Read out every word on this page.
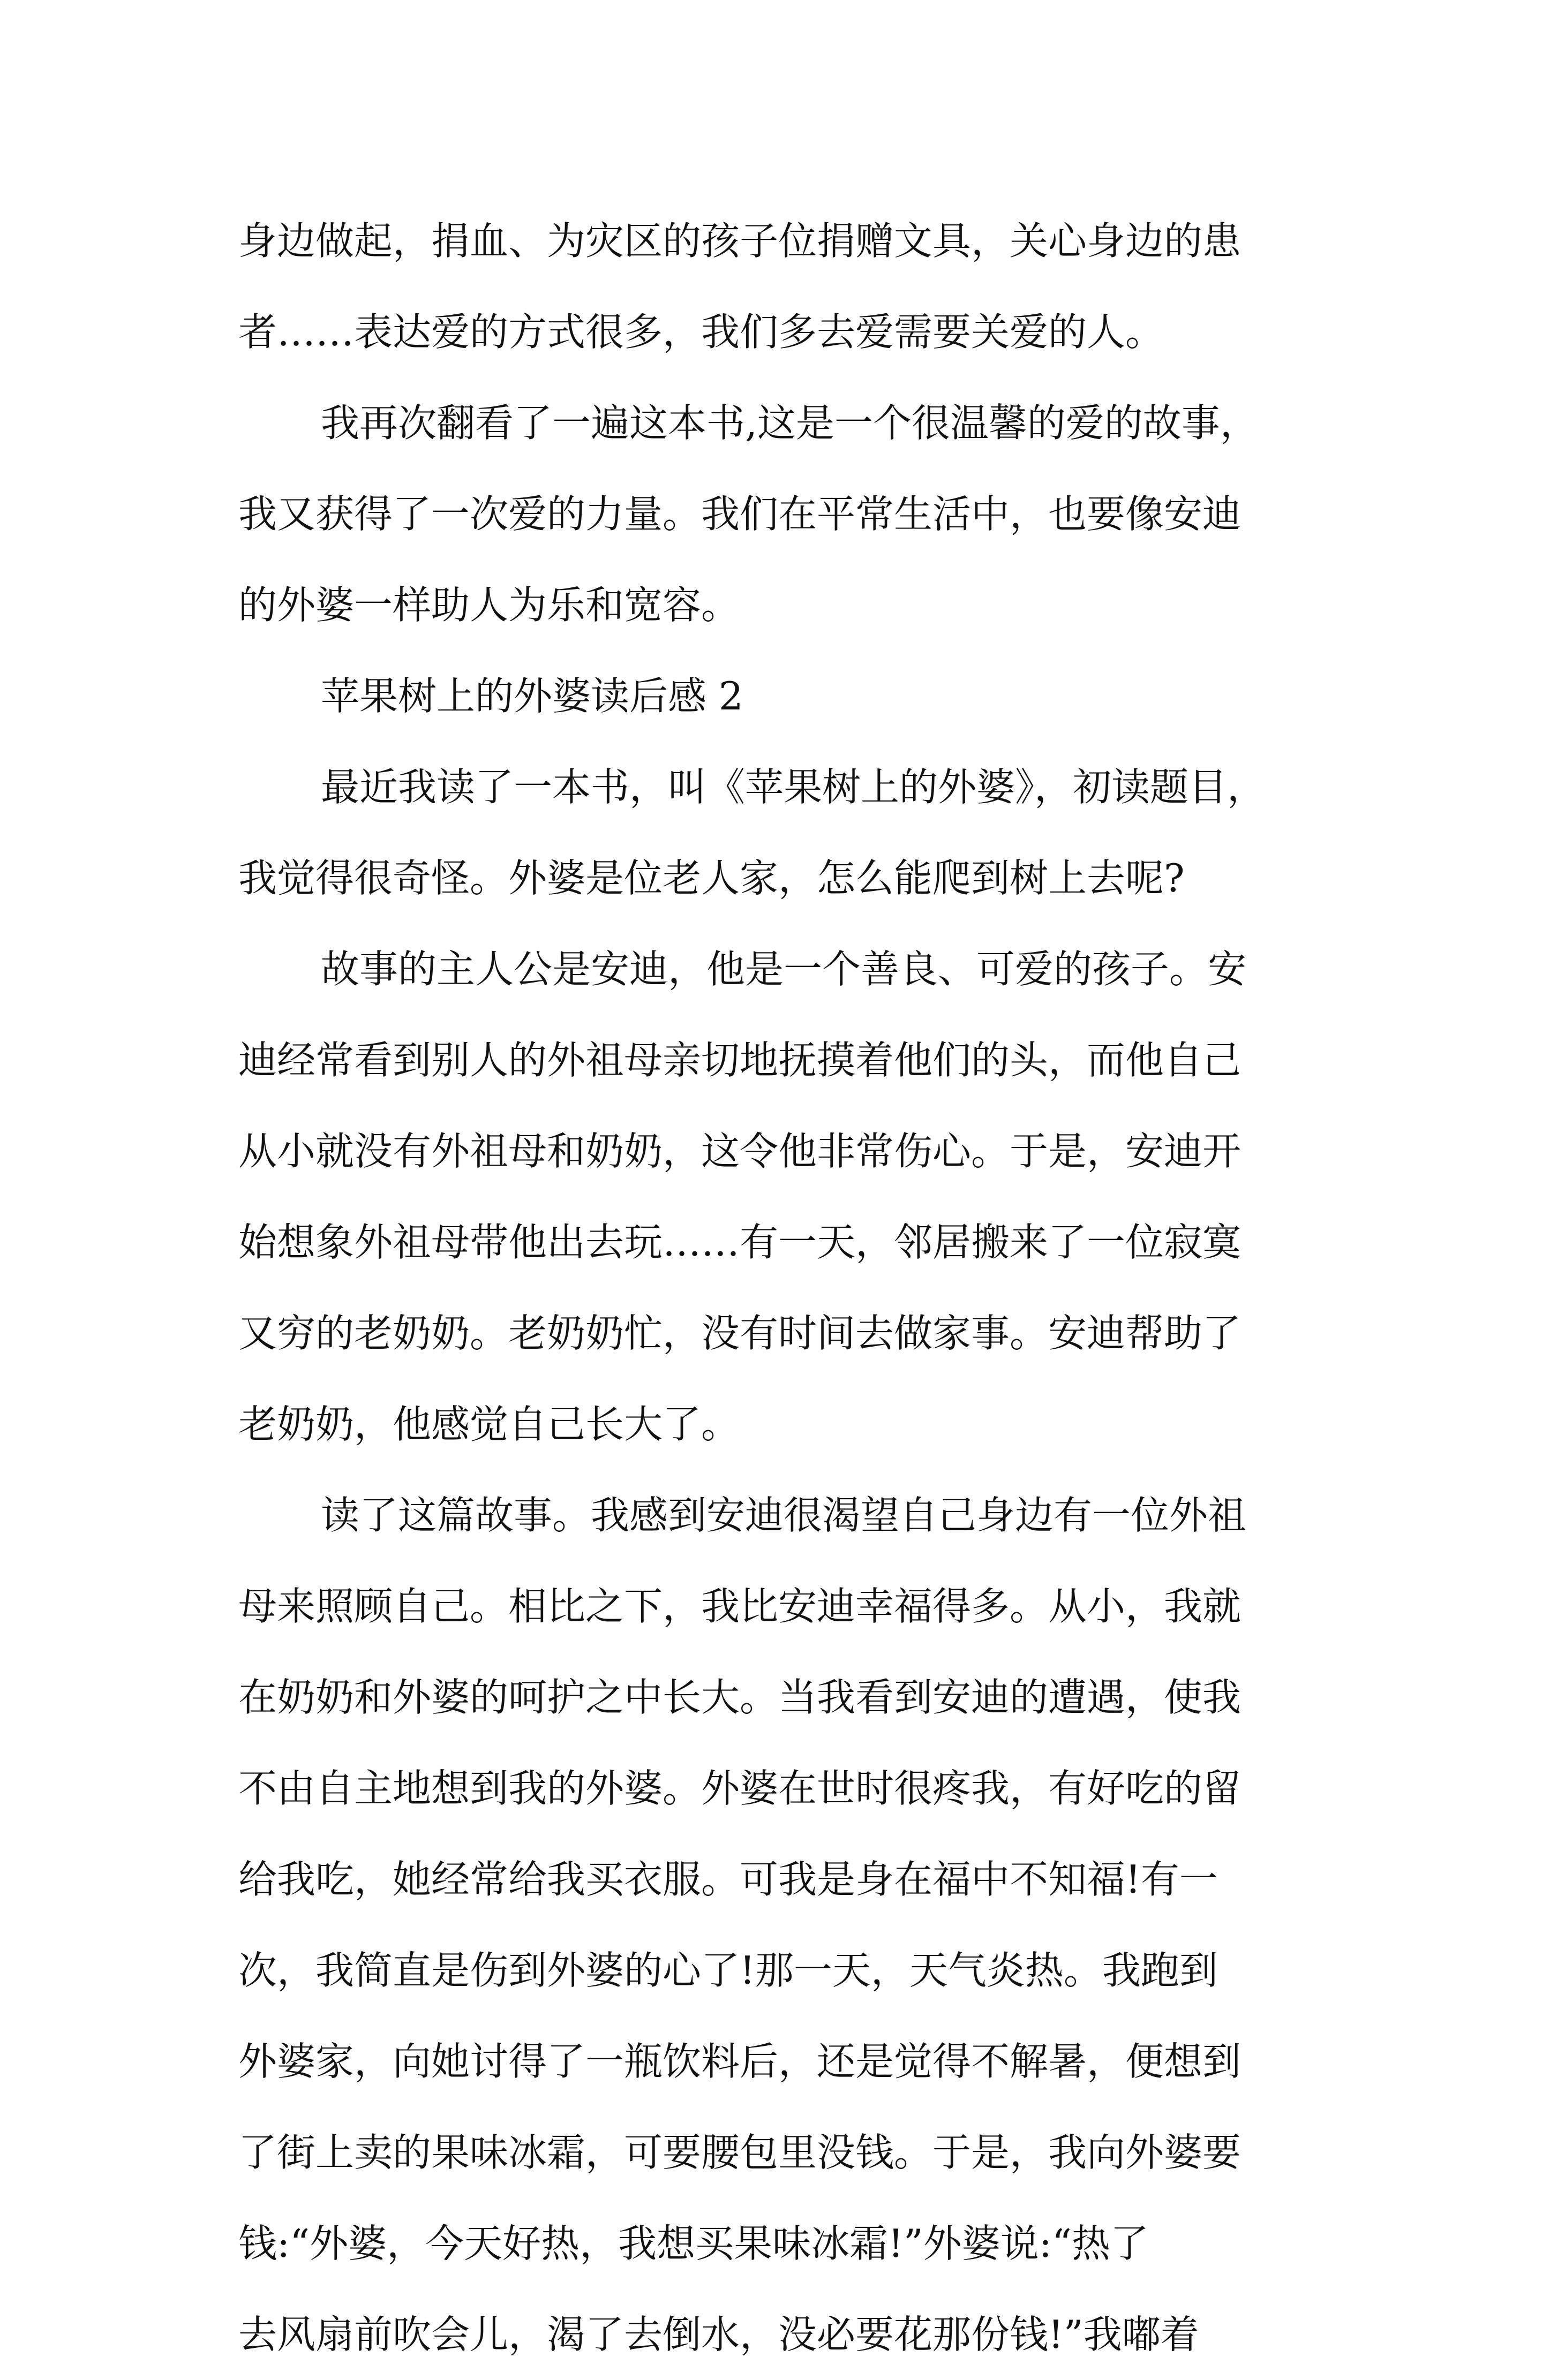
身边做起，捐血、为灾区的孩子位捐赠文具，关心身边的患
者……表达爱的方式很多，我们多去爱需要关爱的人。
我再次翻看了一遍这本书,这是一个很温馨的爱的故事，
我又获得了一次爱的力量。我们在平常生活中，也要像安迪
的外婆一样助人为乐和宽容。
苹果树上的外婆读后感 2
最近我读了一本书，叫《苹果树上的外婆》，初读题目，
我觉得很奇怪。外婆是位老人家，怎么能爬到树上去呢?
故事的主人公是安迪，他是一个善良、可爱的孩子。安
迪经常看到别人的外祖母亲切地抚摸着他们的头，而他自己
从小就没有外祖母和奶奶，这令他非常伤心。于是，安迪开
始想象外祖母带他出去玩……有一天，邻居搬来了一位寂寞
又穷的老奶奶。老奶奶忙，没有时间去做家事。安迪帮助了
老奶奶，他感觉自己长大了。
读了这篇故事。我感到安迪很渴望自己身边有一位外祖
母来照顾自己。相比之下，我比安迪幸福得多。从小，我就
在奶奶和外婆的呵护之中长大。当我看到安迪的遭遇，使我
不由自主地想到我的外婆。外婆在世时很疼我，有好吃的留
给我吃，她经常给我买衣服。可我是身在福中不知福!有一
次，我简直是伤到外婆的心了!那一天，天气炎热。我跑到
外婆家，向她讨得了一瓶饮料后，还是觉得不解暑，便想到
了街上卖的果味冰霜，可要腰包里没钱。于是，我向外婆要
钱:“外婆，今天好热，我想买果味冰霜!”外婆说:“热了
去风扇前吹会儿，渴了去倒水，没必要花那份钱!”我嘟着
